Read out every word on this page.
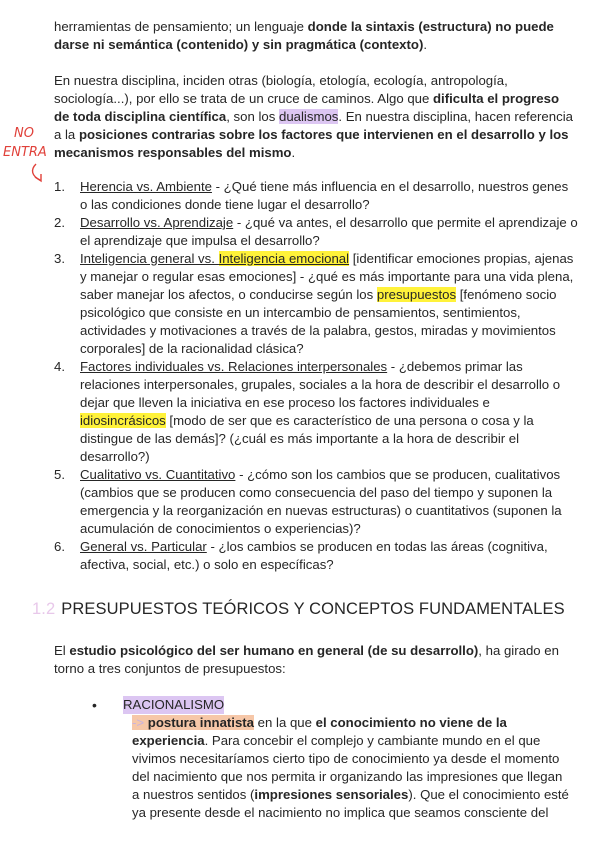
herramientas de pensamiento; un lenguaje donde la sintaxis (estructura) no puede darse ni semántica (contenido) y sin pragmática (contexto).

En nuestra disciplina, inciden otras (biología, etología, ecología, antropología, sociología...), por ello se trata de un cruce de caminos. Algo que dificulta el progreso de toda disciplina científica, son los dualismos. En nuestra disciplina, hacen referencia a la posiciones contrarias sobre los factores que intervienen en el desarrollo y los mecanismos responsables del mismo.

NO
ENTRA
1. Herencia vs. Ambiente - ¿Qué tiene más influencia en el desarrollo, nuestros genes o las condiciones donde tiene lugar el desarrollo?
2. Desarrollo vs. Aprendizaje - ¿qué va antes, el desarrollo que permite el aprendizaje o el aprendizaje que impulsa el desarrollo?
3. Inteligencia general vs. Inteligencia emocional [identificar emociones propias, ajenas y manejar o regular esas emociones] - ¿qué es más importante para una vida plena, saber manejar los afectos, o conducirse según los presupuestos [fenómeno socio psicológico que consiste en un intercambio de pensamientos, sentimientos, actividades y motivaciones a través de la palabra, gestos, miradas y movimientos corporales] de la racionalidad clásica?
4. Factores individuales vs. Relaciones interpersonales - ¿debemos primar las relaciones interpersonales, grupales, sociales a la hora de describir el desarrollo o dejar que lleven la iniciativa en ese proceso los factores individuales e idiosincrásicos [modo de ser que es característico de una persona o cosa y la distingue de las demás]? (¿cuál es más importante a la hora de describir el desarrollo?)
5. Cualitativo vs. Cuantitativo - ¿cómo son los cambios que se producen, cualitativos (cambios que se producen como consecuencia del paso del tiempo y suponen la emergencia y la reorganización en nuevas estructuras) o cuantitativos (suponen la acumulación de conocimientos o experiencias)?
6. General vs. Particular - ¿los cambios se producen en todas las áreas (cognitiva, afectiva, social, etc.) o solo en específicas?
1.2 PRESUPUESTOS TEÓRICOS Y CONCEPTOS FUNDAMENTALES

El estudio psicológico del ser humano en general (de su desarrollo), ha girado en torno a tres conjuntos de presupuestos:

• RACIONALISMO

-> postura innatista en la que el conocimiento no viene de la experiencia. Para concebir el complejo y cambiante mundo en el que vivimos necesitaríamos cierto tipo de conocimiento ya desde el momento del nacimiento que nos permita ir organizando las impresiones que llegan a nuestros sentidos (impresiones sensoriales). Que el conocimiento esté ya presente desde el nacimiento no implica que seamos consciente del
